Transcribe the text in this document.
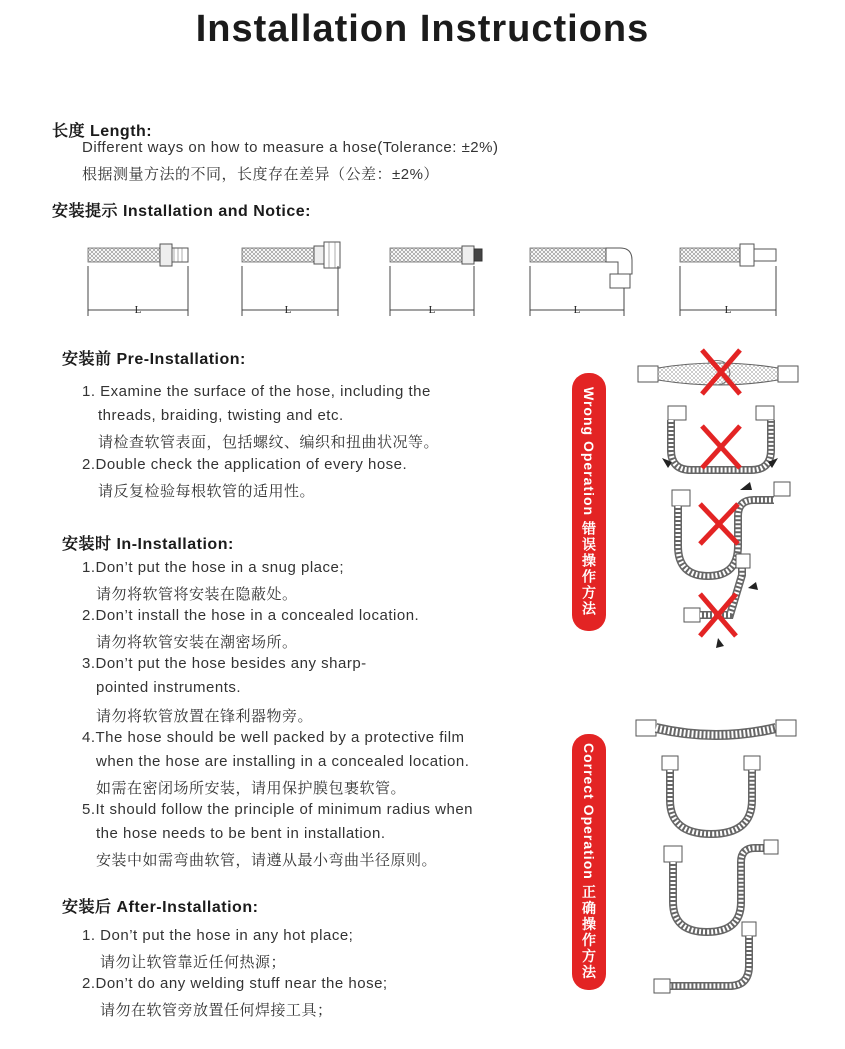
Installation Instructions
长度 Length:
Different ways on how to measure a hose(Tolerance: ±2%)
根据测量方法的不同，长度存在差异（公差：±2%）
安装提示 Installation and Notice:
L	L	L	L	L
安装前 Pre-Installation:
1. Examine the surface of the hose, including the
threads, braiding, twisting and etc.
请检查软管表面，包括螺纹、编织和扭曲状况等。
2.Double check the application of every hose.
请反复检验每根软管的适用性。
安装时 In-Installation:
1.Don’t put the hose in a snug place;
请勿将软管将安装在隐蔽处。
2.Don’t install the hose in a concealed location.
请勿将软管安装在潮密场所。
3.Don’t put the hose besides any sharp-
pointed instruments.
请勿将软管放置在锋利器物旁。
4.The hose should be well packed by a protective film
when the hose are installing in a concealed location.
如需在密闭场所安装，请用保护膜包裹软管。
5.It should follow the principle of minimum radius when
the hose needs to be bent in installation.
安装中如需弯曲软管，请遵从最小弯曲半径原则。
安装后 After-Installation:
1. Don’t put the hose in any hot place;
请勿让软管靠近任何热源；
2.Don’t do any welding stuff near the hose;
请勿在软管旁放置任何焊接工具；
Wrong Operation 错误操作方法
Correct Operation 正确操作方法
